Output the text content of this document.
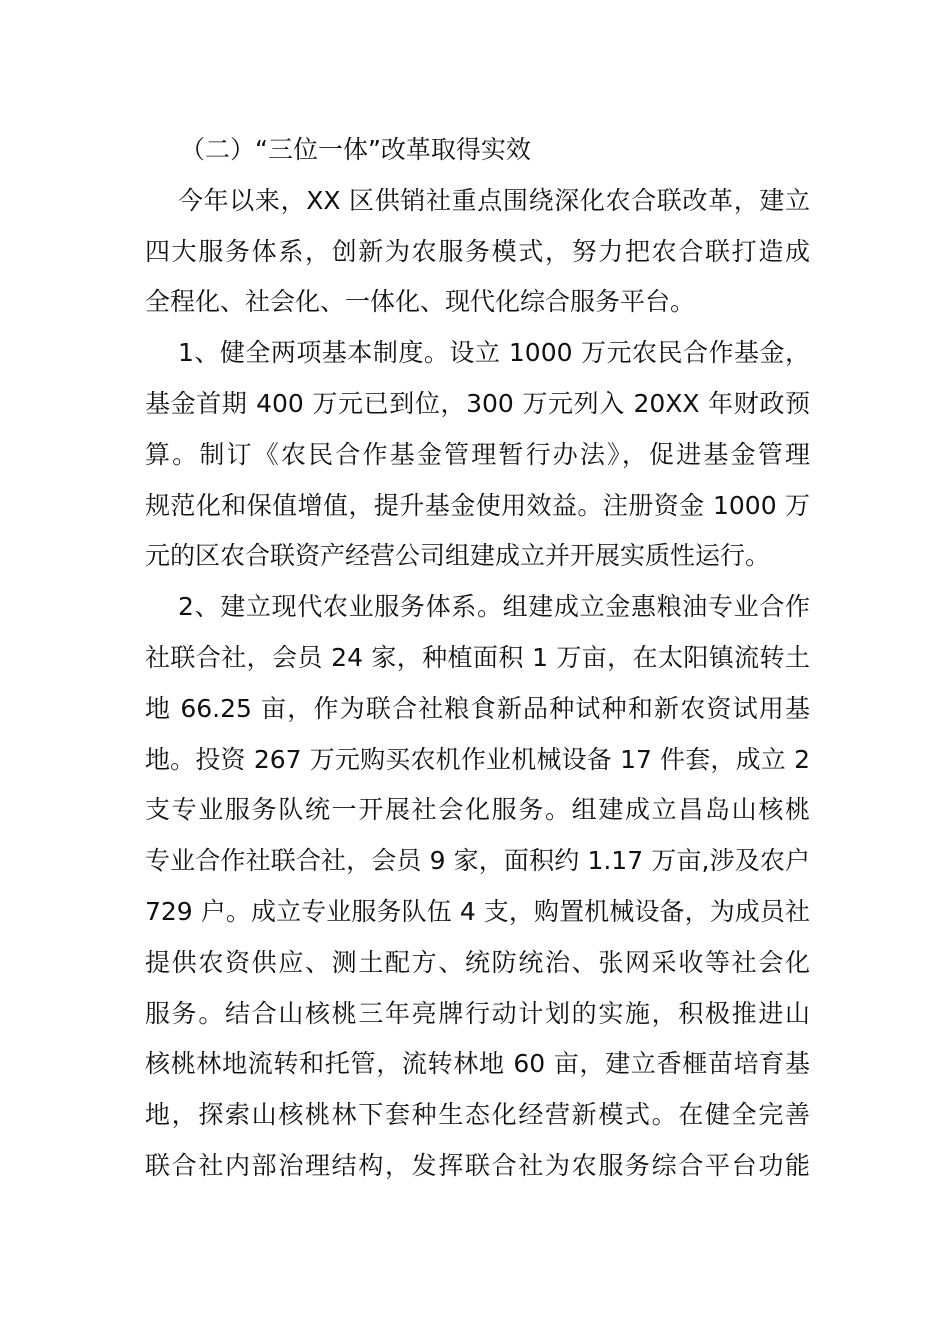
（二）“三位一体”改革取得实效
今年以来，XX 区供销社重点围绕深化农合联改革，建立
四大服务体系，创新为农服务模式，努力把农合联打造成
全程化、社会化、一体化、现代化综合服务平台。
1、健全两项基本制度。设立 1000 万元农民合作基金，
基金首期 400 万元已到位，300 万元列入 20XX 年财政预
算。制订《农民合作基金管理暂行办法》，促进基金管理
规范化和保值增值，提升基金使用效益。注册资金 1000 万
元的区农合联资产经营公司组建成立并开展实质性运行。
2、建立现代农业服务体系。组建成立金惠粮油专业合作
社联合社，会员 24 家，种植面积 1 万亩，在太阳镇流转土
地 66.25 亩，作为联合社粮食新品种试种和新农资试用基
地。投资 267 万元购买农机作业机械设备 17 件套，成立 2
支专业服务队统一开展社会化服务。组建成立昌岛山核桃
专业合作社联合社，会员 9 家，面积约 1.17 万亩,涉及农户
729 户。成立专业服务队伍 4 支，购置机械设备，为成员社
提供农资供应、测土配方、统防统治、张网采收等社会化
服务。结合山核桃三年亮牌行动计划的实施，积极推进山
核桃林地流转和托管，流转林地 60 亩，建立香榧苗培育基
地，探索山核桃林下套种生态化经营新模式。在健全完善
联合社内部治理结构，发挥联合社为农服务综合平台功能
